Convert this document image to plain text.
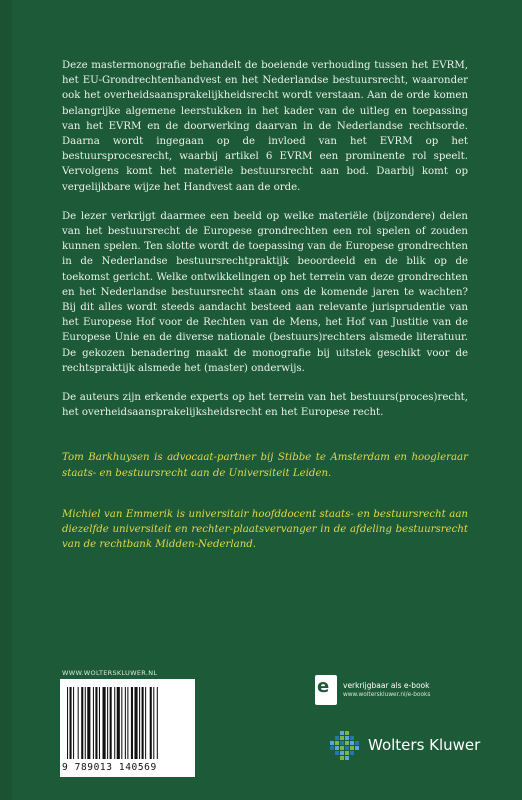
Deze mastermonografie behandelt de boeiende verhouding tussen het EVRM, het EU-Grondrechtenhandvest en het Nederlandse bestuursrecht, waaronder ook het overheidsaansprakelijkheidsrecht wordt verstaan. Aan de orde komen belangrijke algemene leerstukken in het kader van de uitleg en toepassing van het EVRM en de doorwerking daarvan in de Nederlandse rechtsorde. Daarna wordt ingegaan op de invloed van het EVRM op het bestuursprocesrecht, waarbij artikel 6 EVRM een prominente rol speelt. Vervolgens komt het materiële bestuursrecht aan bod. Daarbij komt op vergelijkbare wijze het Handvest aan de orde.

De lezer verkrijgt daarmee een beeld op welke materiële (bijzondere) delen van het bestuursrecht de Europese grondrechten een rol spelen of zouden kunnen spelen. Ten slotte wordt de toepassing van de Europese grondrechten in de Nederlandse bestuursrechtpraktijk beoordeeld en de blik op de toekomst gericht. Welke ontwikkelingen op het terrein van deze grondrechten en het Nederlandse bestuursrecht staan ons de komende jaren te wachten? Bij dit alles wordt steeds aandacht besteed aan relevante jurisprudentie van het Europese Hof voor de Rechten van de Mens, het Hof van Justitie van de Europese Unie en de diverse nationale (bestuurs)rechters alsmede literatuur. De gekozen benadering maakt de monografie bij uitstek geschikt voor de rechtspraktijk alsmede het (master) onderwijs.

De auteurs zijn erkende experts op het terrein van het bestuurs(proces)recht, het overheidsaansprakelijksheidsrecht en het Europese recht.

Tom Barkhuysen is advocaat-partner bij Stibbe te Amsterdam en hoogleraar staats- en bestuursrecht aan de Universiteit Leiden.

Michiel van Emmerik is universitair hoofddocent staats- en bestuursrecht aan diezelfde universiteit en rechter-plaatsvervanger in de afdeling bestuursrecht van de rechtbank Midden-Nederland.

WWW.WOLTERSKLUWER.NL
9 789013 140569
e verkrijgbaar als e-book
www.wolterskluwer.nl/e-books
Wolters Kluwer
